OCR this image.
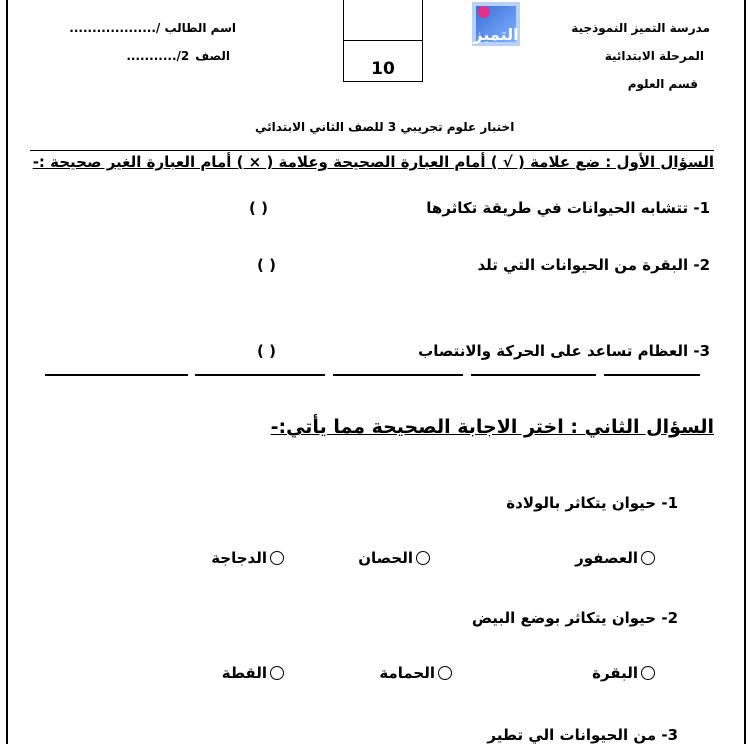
مدرسة التميز النموذجية
المرحلة الابتدائية
قسم العلوم
التميز
10
اسم الطالب /...................
الصف
2/...........
اختبار علوم تجريبي 3 للصف الثاني الابتدائي
السؤال الأول : ضع علامة ( √ ) أمام العبارة الصحيحة وعلامة ( × ) أمام العبارة الغير صحيحة :-
1- تتشابه الحيوانات في طريقة تكاثرها
( )
2- البقرة من الحيوانات التي تلد
( )
3- العظام تساعد على الحركة والانتصاب
( )
السؤال الثاني : اختر الاجابة الصحيحة مما يأتي:-
1- حيوان يتكاثر بالولادة
العصفور
الحصان
الدجاجة
2- حيوان يتكاثر بوضع البيض
البقرة
الحمامة
القطة
3- من الحيوانات الي تطير
